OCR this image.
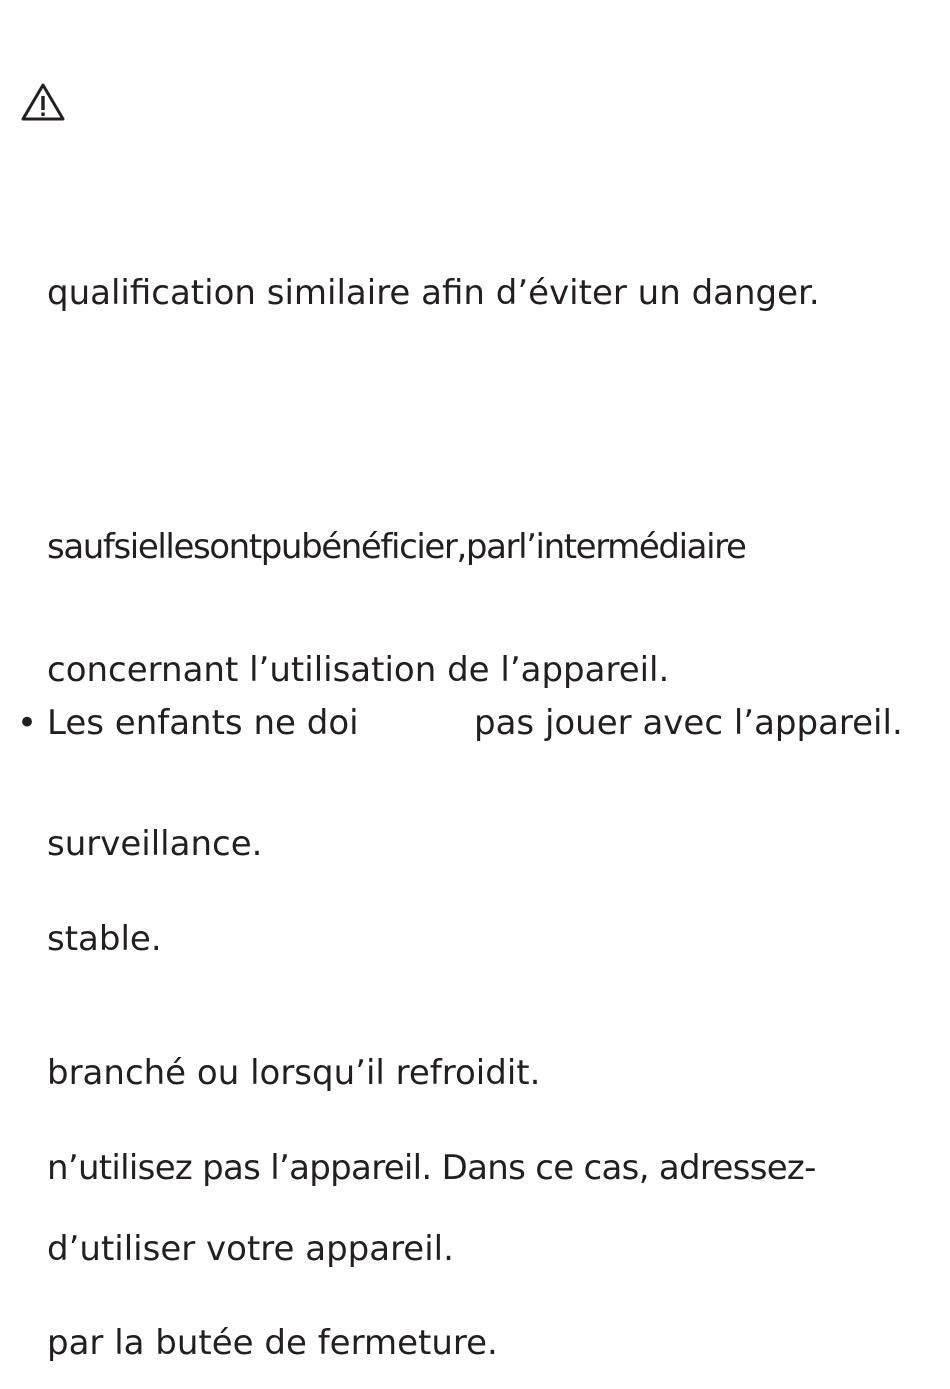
qualification similaire afin d’éviter un danger.

saufsiellesontpubénéficier,parl’intermédiaire

concernant l’utilisation de l’appareil.

• Les enfants ne doi	pas jouer avec l’appareil.

surveillance.

stable.

branché ou lorsqu’il refroidit.

n’utilisez pas l’appareil. Dans ce cas, adressez-

d’utiliser votre appareil.

par la butée de fermeture.
